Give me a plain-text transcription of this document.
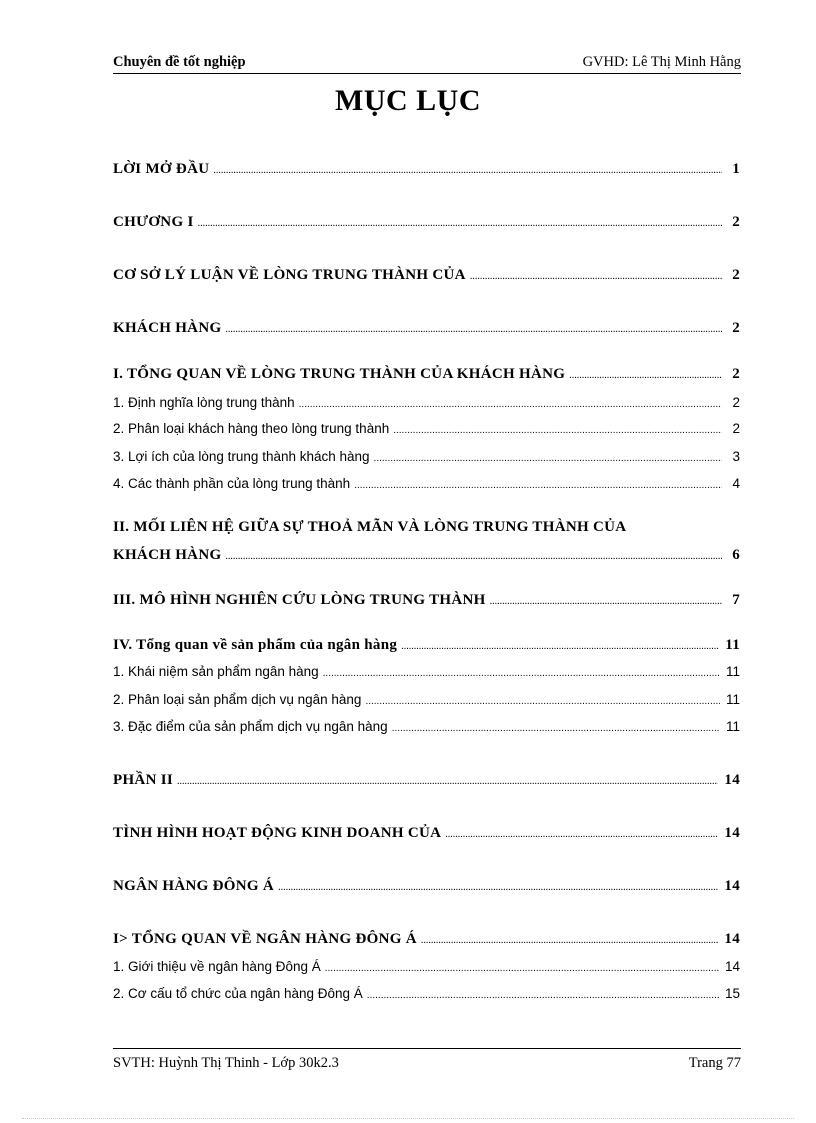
Chuyên đề tốt nghiệp	GVHD: Lê Thị Minh Hằng
MỤC LỤC
LỜI MỞ ĐẦU .....	1
CHƯƠNG I .....	2
CƠ SỞ LÝ LUẬN VỀ LÒNG TRUNG THÀNH CỦA .....	2
KHÁCH HÀNG .....	2
I. TỔNG QUAN VỀ LÒNG TRUNG THÀNH CỦA KHÁCH HÀNG .....	2
1. Định nghĩa lòng trung thành .....	2
2. Phân loại khách hàng theo lòng trung thành .....	2
3. Lợi ích của lòng trung thành khách hàng .....	3
4. Các thành phần của lòng trung thành .....	4
II. MỐI LIÊN HỆ GIỮA SỰ THOẢ MÃN VÀ LÒNG TRUNG THÀNH CỦA
KHÁCH HÀNG .....	6
III. MÔ HÌNH NGHIÊN CỨU LÒNG TRUNG THÀNH .....	7
IV. Tổng quan về sản phẩm của ngân hàng .....	11
1. Khái niệm sản phẩm ngân hàng .....	11
2. Phân loại sản phẩm dịch vụ ngân hàng .....	11
3. Đặc điểm của sản phẩm dịch vụ ngân hàng .....	11
PHẦN II .....	14
TÌNH HÌNH HOẠT ĐỘNG KINH DOANH CỦA .....	14
NGÂN HÀNG ĐÔNG Á .....	14
I> TỔNG QUAN VỀ NGÂN HÀNG ĐÔNG Á .....	14
1. Giới thiệu về ngân hàng Đông Á .....	14
2. Cơ cấu tổ chức của ngân hàng Đông Á .....	15
SVTH: Huỳnh Thị Thinh - Lớp 30k2.3	Trang 77
